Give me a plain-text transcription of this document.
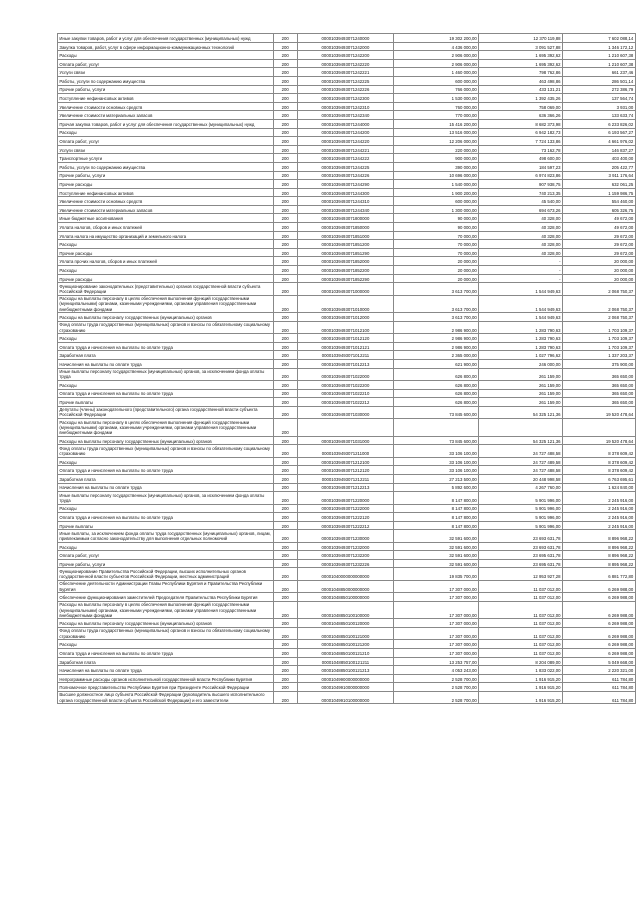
Иные закупки товаров, работ и услуг для обеспечения государственных (муниципальных) нужд	200	00001039493071240000	19 302 200,00	12 370 119,88	7 602 088,14
Закупка товаров, работ, услуг в сфере информационно-коммуникационных технологий	200	00001039493071242000	4 436 000,00	3 091 527,88	1 346 172,12
Расходы	200	00001039493071242200	2 906 000,00	1 695 392,62	1 210 607,38
Оплата работ, услуг	200	00001039493071242220	2 906 000,00	1 695 392,62	1 210 607,38
Услуги связи	200	00001039493071242221	1 460 000,00	798 762,86	661 237,46
Работы, услуги по содержанию имущества	200	00001039493071242225	600 000,00	463 498,86	286 501,14
Прочие работы, услуги	200	00001039493071242226	766 000,00	433 131,21	272 386,79
Поступление нефинансовых активов	200	00001039493071242300	1 530 000,00	1 392 435,26	137 564,74
Увеличение стоимости основных средств	200	00001039493071242310	760 000,00	758 069,00	3 931,00
Увеличение стоимости материальных запасов	200	00001039493071242340	770 000,00	636 366,26	133 633,74
Прочая закупка товаров, работ и услуг для обеспечения государственных (муниципальных) нужд	200	00001039493071244000	15 416 200,00	8 682 373,98	6 233 826,02
Расходы	200	00001039493071244200	13 516 000,00	6 942 182,73	6 193 567,27
Оплата работ, услуг	200	00001039493071244220	12 206 000,00	7 724 133,86	4 661 976,02
Услуги связи	200	00001039493071244221	220 000,00	73 162,78	146 837,27
Транспортные услуги	200	00001039493071244222	900 000,00	498 600,00	403 400,00
Работы, услуги по содержанию имущества	200	00001039493071244225	390 000,00	184 597,23	205 422,77
Прочие работы, услуги	200	00001039493071244226	10 696 000,00	6 974 823,86	3 911 176,64
Прочие расходы	200	00001039493071244290	1 540 000,00	907 938,75	632 061,25
Поступление нефинансовых активов	200	00001039493071244300	1 900 200,00	740 213,35	1 159 986,75
Увеличение стоимости основных средств	200	00001039493071244310	600 000,00	45 540,00	554 460,00
Увеличение стоимости материальных запасов	200	00001039493071244340	1 300 000,00	694 673,26	605 326,75
Иные бюджетные ассигнования	200	00001039493071800000	90 000,00	40 328,00	49 672,00
Уплата налогов, сборов и иных платежей	200	00001039493071850000	90 000,00	40 328,00	49 672,00
Уплата налога на имущество организаций и земельного налога	200	00001039493071851000	70 000,00	40 328,00	29 672,00
Расходы	200	00001039493071851200	70 000,00	40 328,00	29 672,00
Прочие расходы	200	00001039493071851290	70 000,00	40 328,00	29 672,00
Уплата прочих налогов, сборов и иных платежей	200	00001039493071852000	20 000,00	-	20 000,00
Расходы	200	00001039493071852200	20 000,00	-	20 000,00
Прочие расходы	200	00001039493071852290	20 000,00	-	20 000,00
Функционирование законодательных (представительных) органов государственной власти субъекта Российской Федерации	200	00001039493071000000	3 613 700,00	1 544 949,63	2 068 750,37
Расходы на выплаты персоналу в целях обеспечения выполнения функций государственными (муниципальными) органами, казенными учреждениями, органами управления государственными внебюджетными фондами	200	00001039493071010000	3 613 700,00	1 544 949,63	2 068 750,37
Расходы на выплаты персоналу государственных (муниципальных) органов	200	00001039493071012000	3 613 700,00	1 544 949,63	2 068 750,37
Фонд оплаты труда государственных (муниципальных) органов и взносы по обязательному социальному страхованию	200	00001039493071012100	2 986 900,00	1 283 790,63	1 703 109,37
Расходы	200	00001039493071012120	2 986 900,00	1 283 790,63	1 703 109,37
Оплата труда и начисления на выплаты по оплате труда	200	00001039493071012121	2 986 900,00	1 283 790,63	1 703 109,37
Заработная плата	200	00001039493071012211	2 365 000,00	1 027 796,62	1 337 203,37
Начисления на выплаты по оплате труда	200	00001039493071012213	621 900,00	246 000,00	375 900,00
Иные выплаты персоналу государственных (муниципальных) органов, за исключением фонда оплаты труда	200	00001039493071022000	626 800,00	261 159,00	365 650,00
Расходы	200	00001039493071022200	626 800,00	261 159,00	365 650,00
Оплата труда и начисления на выплаты по оплате труда	200	00001039493071022210	626 800,00	261 159,00	365 650,00
Прочие выплаты	200	00001039493071022212	626 800,00	261 159,00	365 650,00
Депутаты (члены) законодательного (представительного) органа государственной власти субъекта Российской Федерации	200	00001039493071030000	73 845 600,00	54 325 121,36	19 520 478,64
Расходы на выплаты персоналу в целях обеспечения выполнения функций государственными (муниципальными) органами, казенными учреждениями, органами управления государственными внебюджетными фондами	200				
Расходы на выплаты персоналу государственных (муниципальных) органов	200	00001039493071031000	73 845 600,00	54 325 121,36	19 520 478,64
Фонд оплаты труда государственных (муниципальных) органов и взносы по обязательному социальному страхованию	200	00001039493071211000	33 106 100,00	24 727 488,58	8 378 609,42
Расходы	200	00001039493071212100	33 106 100,00	24 727 489,58	8 378 609,42
Оплата труда и начисления на выплаты по оплате труда	200	00001039493071212120	33 106 100,00	24 727 488,58	8 378 609,42
Заработная плата	200	00001039493071212211	27 213 500,00	20 448 998,58	6 763 695,61
Начисления на выплаты по оплате труда	200	00001039493071212213	5 892 600,00	4 267 760,00	1 624 840,00
Иные выплаты персоналу государственных (муниципальных) органов, за исключением фонда оплаты труда	200	00001039493071220000	8 147 800,00	5 901 996,00	2 245 916,00
Расходы	200	00001039493071222000	8 147 800,00	5 901 996,00	2 245 916,00
Оплата труда и начисления на выплаты по оплате труда	200	00001039493071222120	8 147 800,00	5 901 996,00	2 245 916,00
Прочие выплаты	200	00001039493071222212	8 147 800,00	5 901 996,00	2 245 916,00
Иные выплаты, за исключением фонда оплаты труда государственных (муниципальных) органов, лицам, привлекаемым согласно законодательству для выполнения отдельных полномочий	200	00001039493071230000	32 591 600,00	23 693 631,78	8 896 968,22
Расходы	200	00001039493071232000	32 591 600,00	23 693 631,78	8 896 968,22
Оплата работ, услуг	200	00001039493071232200	32 591 600,00	23 695 631,78	8 896 968,22
Прочие работы, услуги	200	00001039493071232226	32 591 600,00	23 695 631,78	8 895 968,22
Функционирование Правительства Российской Федерации, высших исполнительных органов государственной власти субъектов Российской Федерации, местных администраций	200	00001040000000000000	19 835 700,00	12 953 927,28	6 881 772,80
Обеспечение деятельности Администрации Главы Республики Бурятия и Правительства Республики Бурятия	200	00001048850000000000	17 307 000,00	11 037 012,00	6 269 988,00
Обеспечение функционирования заместителей Председателя Правительства Республики Бурятия	200	00001048850100000000	17 307 000,00	11 037 012,00	6 269 988,00
Расходы на выплаты персоналу в целях обеспечения выполнения функций государственными (муниципальными) органами, казенными учреждениями, органами управления государственными внебюджетными фондами	200	00001048850100100000	17 307 000,00	11 037 012,00	6 269 988,00
Расходы на выплаты персоналу государственных (муниципальных) органов	200	00001048850100120000	17 307 000,00	11 037 012,00	6 269 988,00
Фонд оплаты труда государственных (муниципальных) органов и взносы по обязательному социальному страхованию	200	00001048850100121000	17 307 000,00	11 037 012,00	6 269 988,00
Расходы	200	00001048850100121200	17 307 000,00	11 037 012,00	6 269 988,00
Оплата труда и начисления на выплаты по оплате труда	200	00001048850100121210	17 307 000,00	11 037 012,00	6 269 988,00
Заработная плата	200	00001048850100121211	13 253 757,00	8 204 089,00	5 049 668,00
Начисления на выплаты по оплате труда	200	00001048850100121213	4 053 243,00	1 833 022,00	2 220 321,00
Непрограммные расходы органов исполнительной государственной власти Республики Бурятия	200	00001049900000000000	2 528 700,00	1 916 915,20	611 784,80
Полномочное представительство Республики Бурятия при Президенте Российской Федерации	200	00001049910000000000	2 528 700,00	1 916 915,20	611 784,80
Высшее должностное лицо субъекта Российской Федерации (руководитель высшего исполнительного органа государственной власти субъекта Российской Федерации) и его заместители	200	00001049910100000000	2 528 700,00	1 916 915,20	611 784,80
